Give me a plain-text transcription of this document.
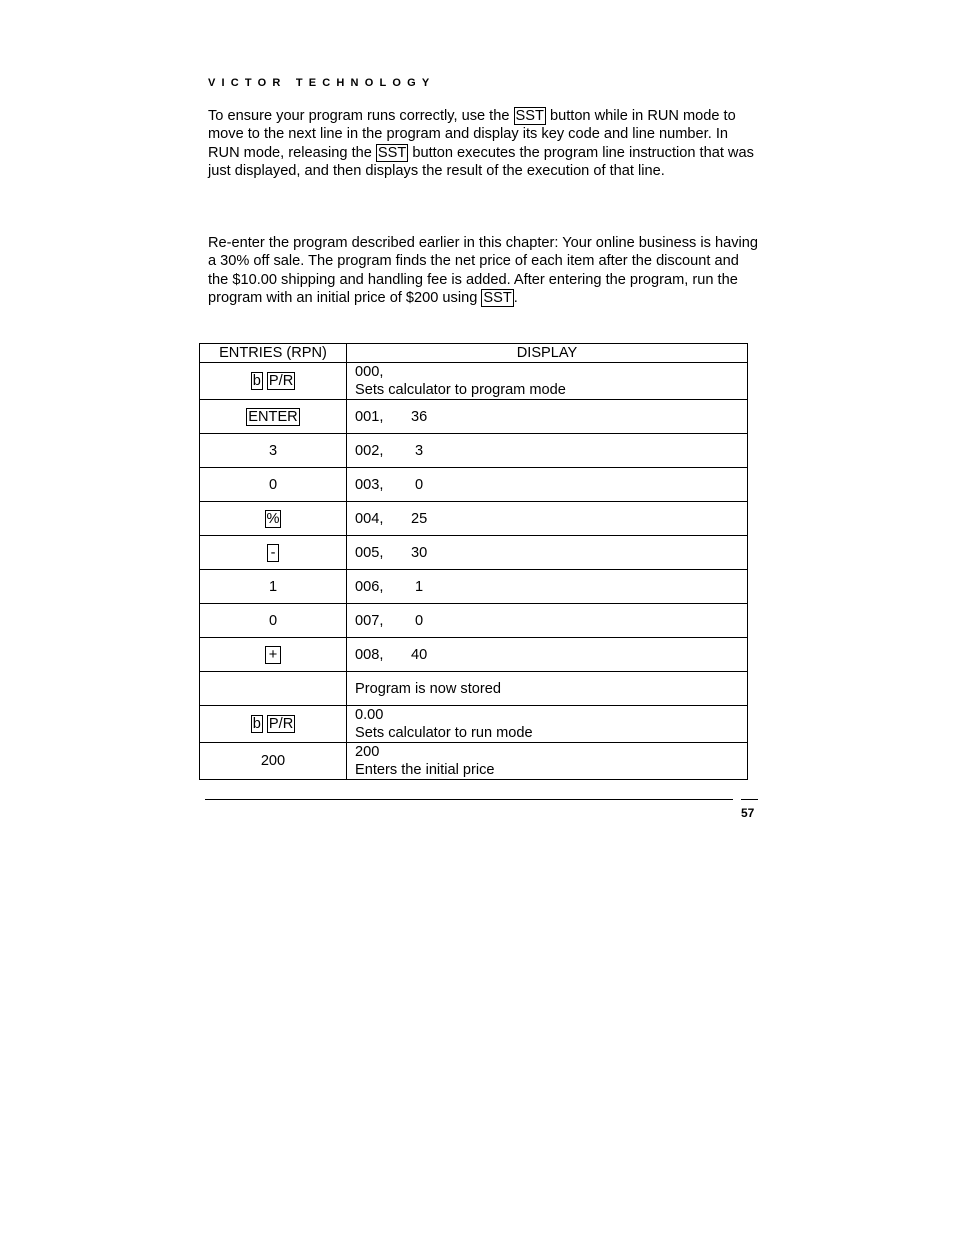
VICTOR TECHNOLOGY
To ensure your program runs correctly, use the SST button while in RUN mode to move to the next line in the program and display its key code and line number. In RUN mode, releasing the SST button executes the program line instruction that was just displayed, and then displays the result of the execution of that line.
Re-enter the program described earlier in this chapter: Your online business is having a 30% off sale. The program finds the net price of each item after the discount and the $10.00 shipping and handling fee is added. After entering the program, run the program with an initial price of $200 using SST .
ENTRIES (RPN)	DISPLAY
b P/R	000,
Sets calculator to program mode

ENTER	001, 36
3	002, 3
0	003, 0
%	004, 25
-	005, 30
1	006, 1
0	007, 0
+	008, 40
	Program is now stored
b P/R	0.00
Sets calculator to run mode

200	200
Enters the initial price
57
